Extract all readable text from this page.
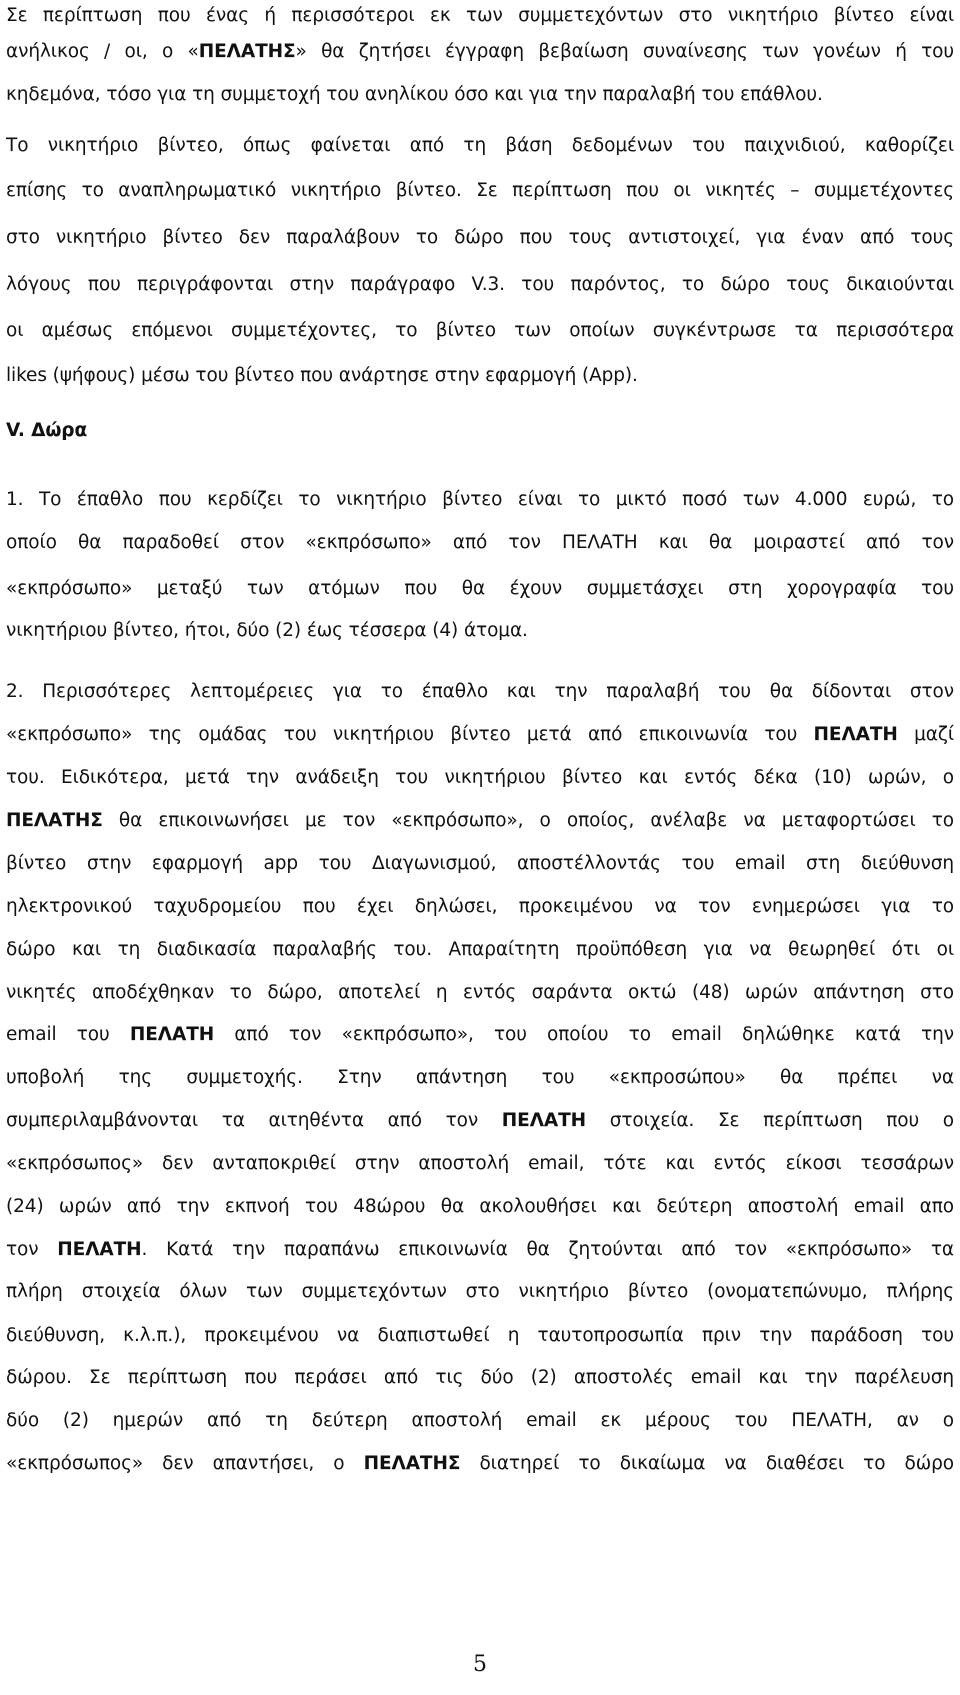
5
Σε περίπτωση που ένας ή περισσότεροι εκ των συμμετεχόντων στο νικητήριο βίντεο είναι
ανήλικος / οι, ο «ΠΕΛΑΤΗΣ» θα ζητήσει έγγραφη βεβαίωση συναίνεσης των γονέων ή του
κηδεμόνα, τόσο για τη συμμετοχή του ανηλίκου όσο και για την παραλαβή του επάθλου.
Το νικητήριο βίντεο, όπως φαίνεται από τη βάση δεδομένων του παιχνιδιού, καθορίζει
επίσης το αναπληρωματικό νικητήριο βίντεο. Σε περίπτωση που οι νικητές – συμμετέχοντες
στο νικητήριο βίντεο δεν παραλάβουν το δώρο που τους αντιστοιχεί, για έναν από τους
λόγους που περιγράφονται στην παράγραφο V.3. του παρόντος, το δώρο τους δικαιούνται
οι αμέσως επόμενοι συμμετέχοντες, το βίντεο των οποίων συγκέντρωσε τα περισσότερα
likes (ψήφους) μέσω του βίντεο που ανάρτησε στην εφαρμογή (App).
V. Δώρα
1. Το έπαθλο που κερδίζει το νικητήριο βίντεο είναι το μικτό ποσό των 4.000 ευρώ, το
οποίο θα παραδοθεί στον «εκπρόσωπο» από τον ΠΕΛΑΤΗ και θα μοιραστεί από τον
«εκπρόσωπο» μεταξύ των ατόμων που θα έχουν συμμετάσχει στη χορογραφία του
νικητήριου βίντεο, ήτοι, δύο (2) έως τέσσερα (4) άτομα.
2. Περισσότερες λεπτομέρειες για το έπαθλο και την παραλαβή του θα δίδονται στον
«εκπρόσωπο» της ομάδας του νικητήριου βίντεο μετά από επικοινωνία του ΠΕΛΑΤΗ μαζί
του. Ειδικότερα, μετά την ανάδειξη του νικητήριου βίντεο και εντός δέκα (10) ωρών, ο
ΠΕΛΑΤΗΣ θα επικοινωνήσει με τον «εκπρόσωπο», ο οποίος, ανέλαβε να μεταφορτώσει το
βίντεο στην εφαρμογή app του Διαγωνισμού, αποστέλλοντάς του email στη διεύθυνση
ηλεκτρονικού ταχυδρομείου που έχει δηλώσει, προκειμένου να τον ενημερώσει για το
δώρο και τη διαδικασία παραλαβής του. Απαραίτητη προϋπόθεση για να θεωρηθεί ότι οι
νικητές αποδέχθηκαν το δώρο, αποτελεί η εντός σαράντα οκτώ (48) ωρών απάντηση στο
email του ΠΕΛΑΤΗ από τον «εκπρόσωπο», του οποίου το email δηλώθηκε κατά την
υποβολή της συμμετοχής. Στην απάντηση του «εκπροσώπου» θα πρέπει να
συμπεριλαμβάνονται τα αιτηθέντα από τον ΠΕΛΑΤΗ στοιχεία. Σε περίπτωση που ο
«εκπρόσωπος» δεν ανταποκριθεί στην αποστολή email, τότε και εντός είκοσι τεσσάρων
(24) ωρών από την εκπνοή του 48ώρου θα ακολουθήσει και δεύτερη αποστολή email απο
τον ΠΕΛΑΤΗ. Κατά την παραπάνω επικοινωνία θα ζητούνται από τον «εκπρόσωπο» τα
πλήρη στοιχεία όλων των συμμετεχόντων στο νικητήριο βίντεο (ονοματεπώνυμο, πλήρης
διεύθυνση, κ.λ.π.), προκειμένου να διαπιστωθεί η ταυτοπροσωπία πριν την παράδοση του
δώρου. Σε περίπτωση που περάσει από τις δύο (2) αποστολές email και την παρέλευση
δύο (2) ημερών από τη δεύτερη αποστολή email εκ μέρους του ΠΕΛΑΤΗ, αν ο
«εκπρόσωπος» δεν απαντήσει, ο ΠΕΛΑΤΗΣ διατηρεί το δικαίωμα να διαθέσει το δώρο
